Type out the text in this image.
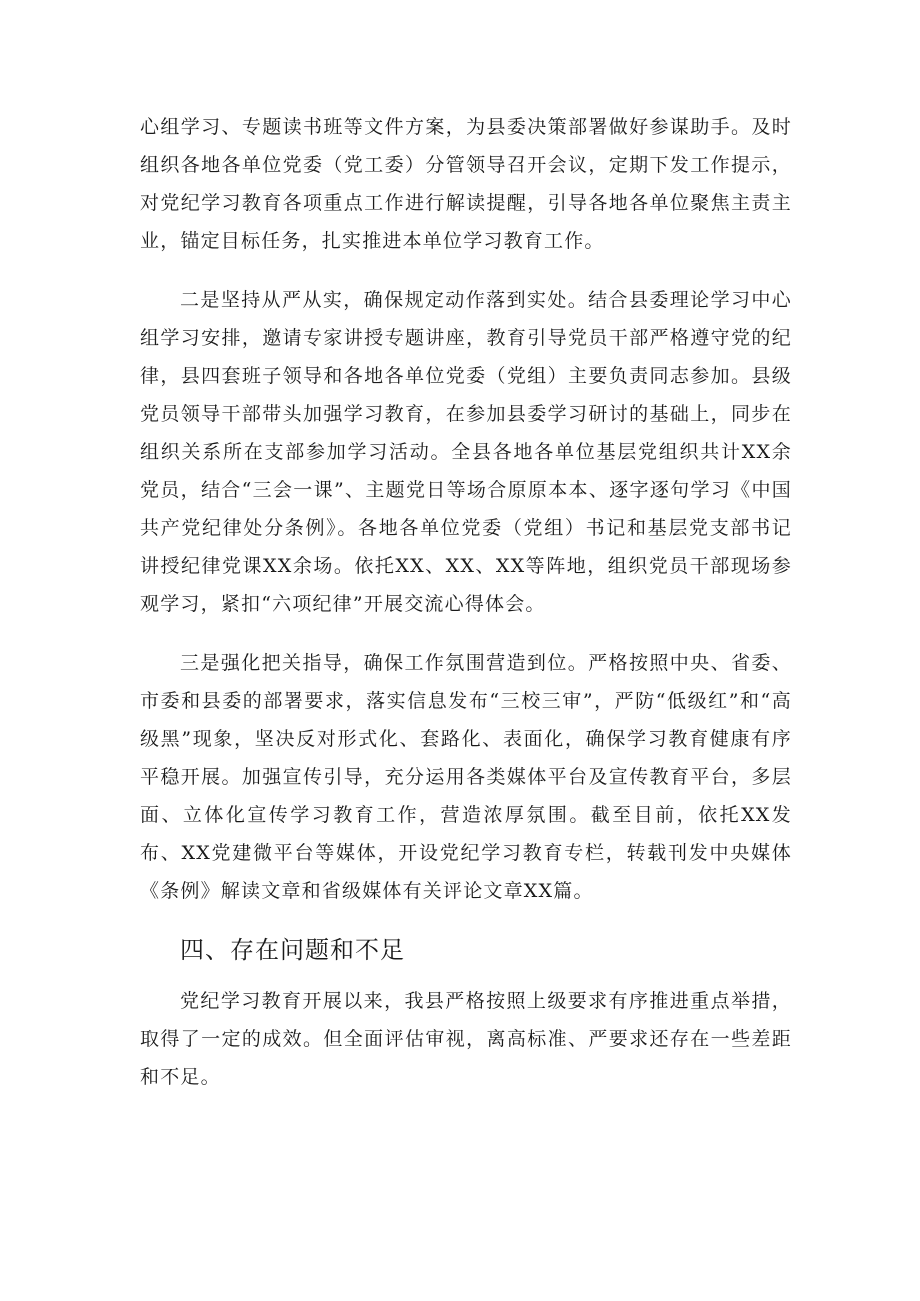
心组学习、专题读书班等文件方案，为县委决策部署做好参谋助手。及时组织各地各单位党委（党工委）分管领导召开会议，定期下发工作提示，对党纪学习教育各项重点工作进行解读提醒，引导各地各单位聚焦主责主业，锚定目标任务，扎实推进本单位学习教育工作。

二是坚持从严从实，确保规定动作落到实处。结合县委理论学习中心组学习安排，邀请专家讲授专题讲座，教育引导党员干部严格遵守党的纪律，县四套班子领导和各地各单位党委（党组）主要负责同志参加。县级党员领导干部带头加强学习教育，在参加县委学习研讨的基础上，同步在组织关系所在支部参加学习活动。全县各地各单位基层党组织共计XX余党员，结合“三会一课”、主题党日等场合原原本本、逐字逐句学习《中国共产党纪律处分条例》。各地各单位党委（党组）书记和基层党支部书记讲授纪律党课XX余场。依托XX、XX、XX等阵地，组织党员干部现场参观学习，紧扣“六项纪律”开展交流心得体会。

三是强化把关指导，确保工作氛围营造到位。严格按照中央、省委、市委和县委的部署要求，落实信息发布“三校三审”，严防“低级红”和“高级黑”现象，坚决反对形式化、套路化、表面化，确保学习教育健康有序平稳开展。加强宣传引导，充分运用各类媒体平台及宣传教育平台，多层面、立体化宣传学习教育工作，营造浓厚氛围。截至目前，依托XX发布、XX党建微平台等媒体，开设党纪学习教育专栏，转载刊发中央媒体《条例》解读文章和省级媒体有关评论文章XX篇。

四、存在问题和不足

党纪学习教育开展以来，我县严格按照上级要求有序推进重点举措，取得了一定的成效。但全面评估审视，离高标准、严要求还存在一些差距和不足。
